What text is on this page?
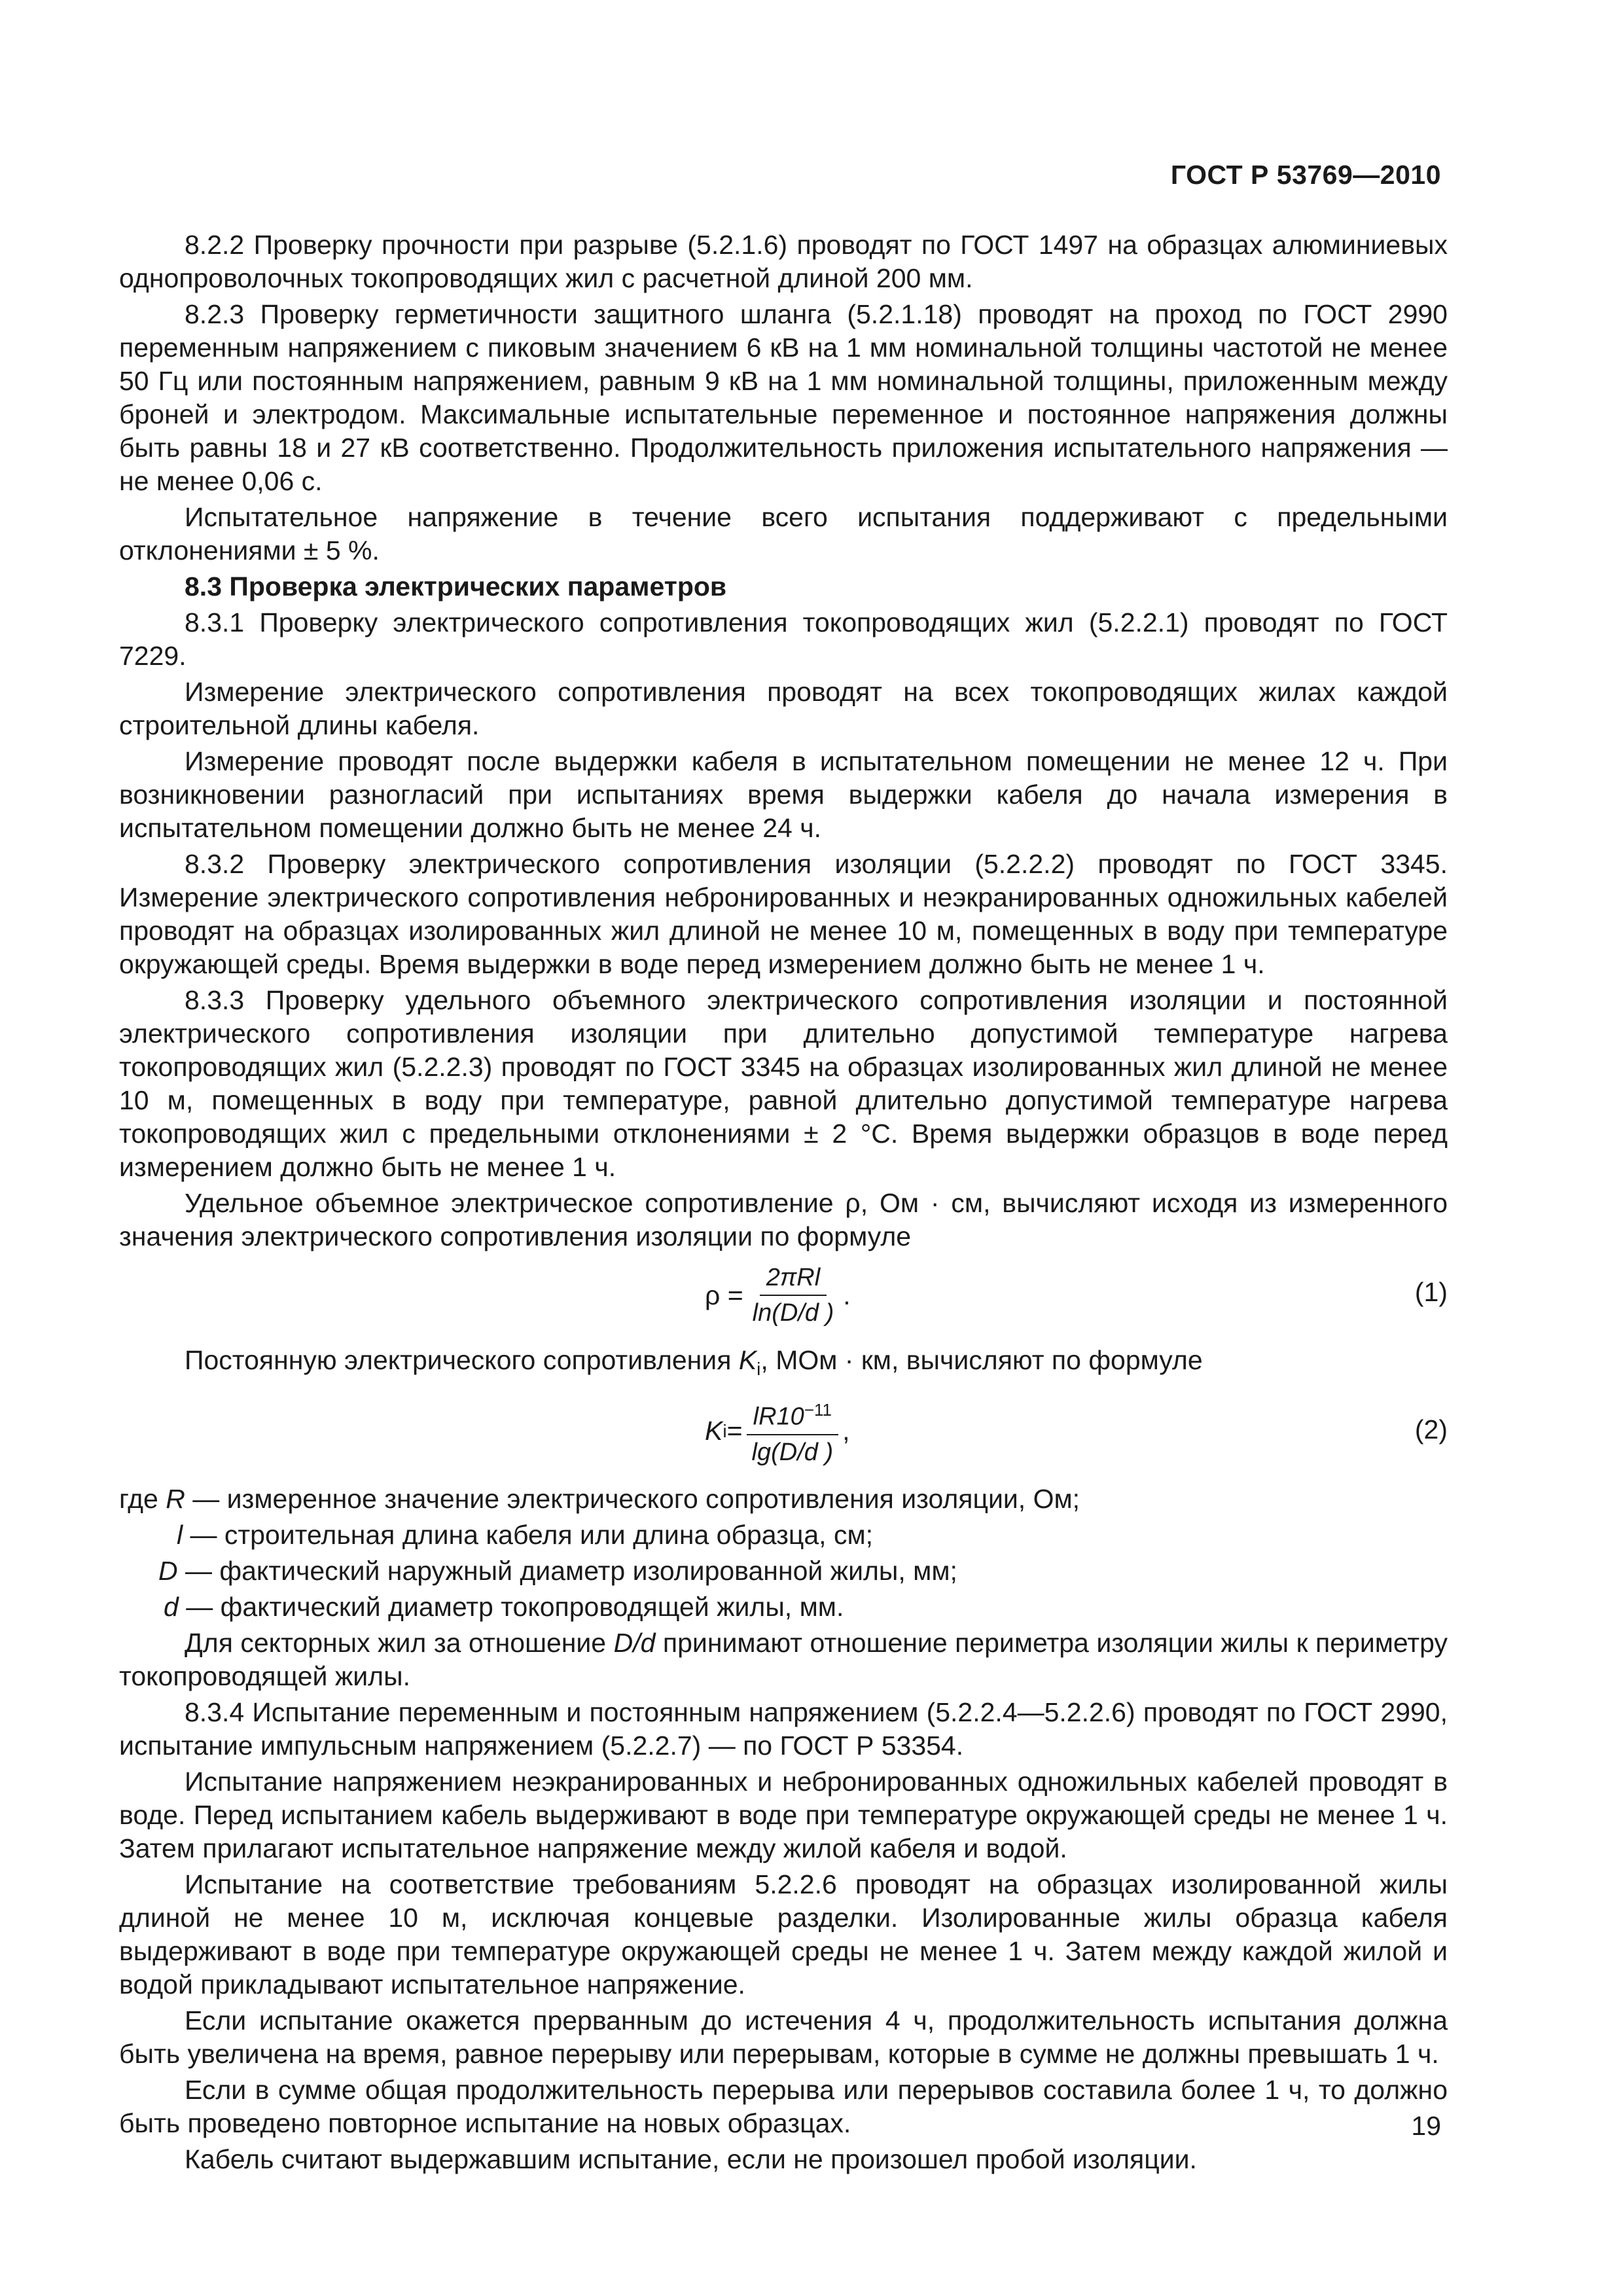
ГОСТ Р 53769—2010

8.2.2 Проверку прочности при разрыве (5.2.1.6) проводят по ГОСТ 1497 на образцах алюминиевых однопроволочных токопроводящих жил с расчетной длиной 200 мм.

8.2.3 Проверку герметичности защитного шланга (5.2.1.18) проводят на проход по ГОСТ 2990 переменным напряжением с пиковым значением 6 кВ на 1 мм номинальной толщины частотой не менее 50 Гц или постоянным напряжением, равным 9 кВ на 1 мм номинальной толщины, приложенным между броней и электродом. Максимальные испытательные переменное и постоянное напряжения должны быть равны 18 и 27 кВ соответственно. Продолжительность приложения испытательного напряжения — не менее 0,06 с.

Испытательное напряжение в течение всего испытания поддерживают с предельными отклонениями ± 5 %.

8.3 Проверка электрических параметров

8.3.1 Проверку электрического сопротивления токопроводящих жил (5.2.2.1) проводят по ГОСТ 7229.

Измерение электрического сопротивления проводят на всех токопроводящих жилах каждой строительной длины кабеля.

Измерение проводят после выдержки кабеля в испытательном помещении не менее 12 ч. При возникновении разногласий при испытаниях время выдержки кабеля до начала измерения в испытательном помещении должно быть не менее 24 ч.

8.3.2 Проверку электрического сопротивления изоляции (5.2.2.2) проводят по ГОСТ 3345. Измерение электрического сопротивления небронированных и неэкранированных одножильных кабелей проводят на образцах изолированных жил длиной не менее 10 м, помещенных в воду при температуре окружающей среды. Время выдержки в воде перед измерением должно быть не менее 1 ч.

8.3.3 Проверку удельного объемного электрического сопротивления изоляции и постоянной электрического сопротивления изоляции при длительно допустимой температуре нагрева токопроводящих жил (5.2.2.3) проводят по ГОСТ 3345 на образцах изолированных жил длиной не менее 10 м, помещенных в воду при температуре, равной длительно допустимой температуре нагрева токопроводящих жил с предельными отклонениями ± 2 °С. Время выдержки образцов в воде перед измерением должно быть не менее 1 ч.

Удельное объемное электрическое сопротивление ρ, Ом · см, вычисляют исходя из измеренного значения электрического сопротивления изоляции по формуле

$\rho = \frac{\text{2πRl}}{\ln(D/d )}$ .	(1)

Постоянную электрического сопротивления $K_i$, МОм · км, вычисляют по формуле

K $i = \frac{lR10^{-11}}{\lg(D/d )}$ ,	(2)

где R — измеренное значение электрического сопротивления изоляции, Ом;

l — строительная длина кабеля или длина образца, см;

D — фактический наружный диаметр изолированной жилы, мм;

d — фактический диаметр токопроводящей жилы, мм.

Для секторных жил за отношение D/d принимают отношение периметра изоляции жилы к периметру токопроводящей жилы.

8.3.4 Испытание переменным и постоянным напряжением (5.2.2.4—5.2.2.6) проводят по ГОСТ 2990, испытание импульсным напряжением (5.2.2.7) — по ГОСТ Р 53354.

Испытание напряжением неэкранированных и небронированных одножильных кабелей проводят в воде. Перед испытанием кабель выдерживают в воде при температуре окружающей среды не менее 1 ч. Затем прилагают испытательное напряжение между жилой кабеля и водой.

Испытание на соответствие требованиям 5.2.2.6 проводят на образцах изолированной жилы длиной не менее 10 м, исключая концевые разделки. Изолированные жилы образца кабеля выдерживают в воде при температуре окружающей среды не менее 1 ч. Затем между каждой жилой и водой прикладывают испытательное напряжение.

Если испытание окажется прерванным до истечения 4 ч, продолжительность испытания должна быть увеличена на время, равное перерыву или перерывам, которые в сумме не должны превышать 1 ч.

Если в сумме общая продолжительность перерыва или перерывов составила более 1 ч, то должно быть проведено повторное испытание на новых образцах.

Кабель считают выдержавшим испытание, если не произошел пробой изоляции.

19
